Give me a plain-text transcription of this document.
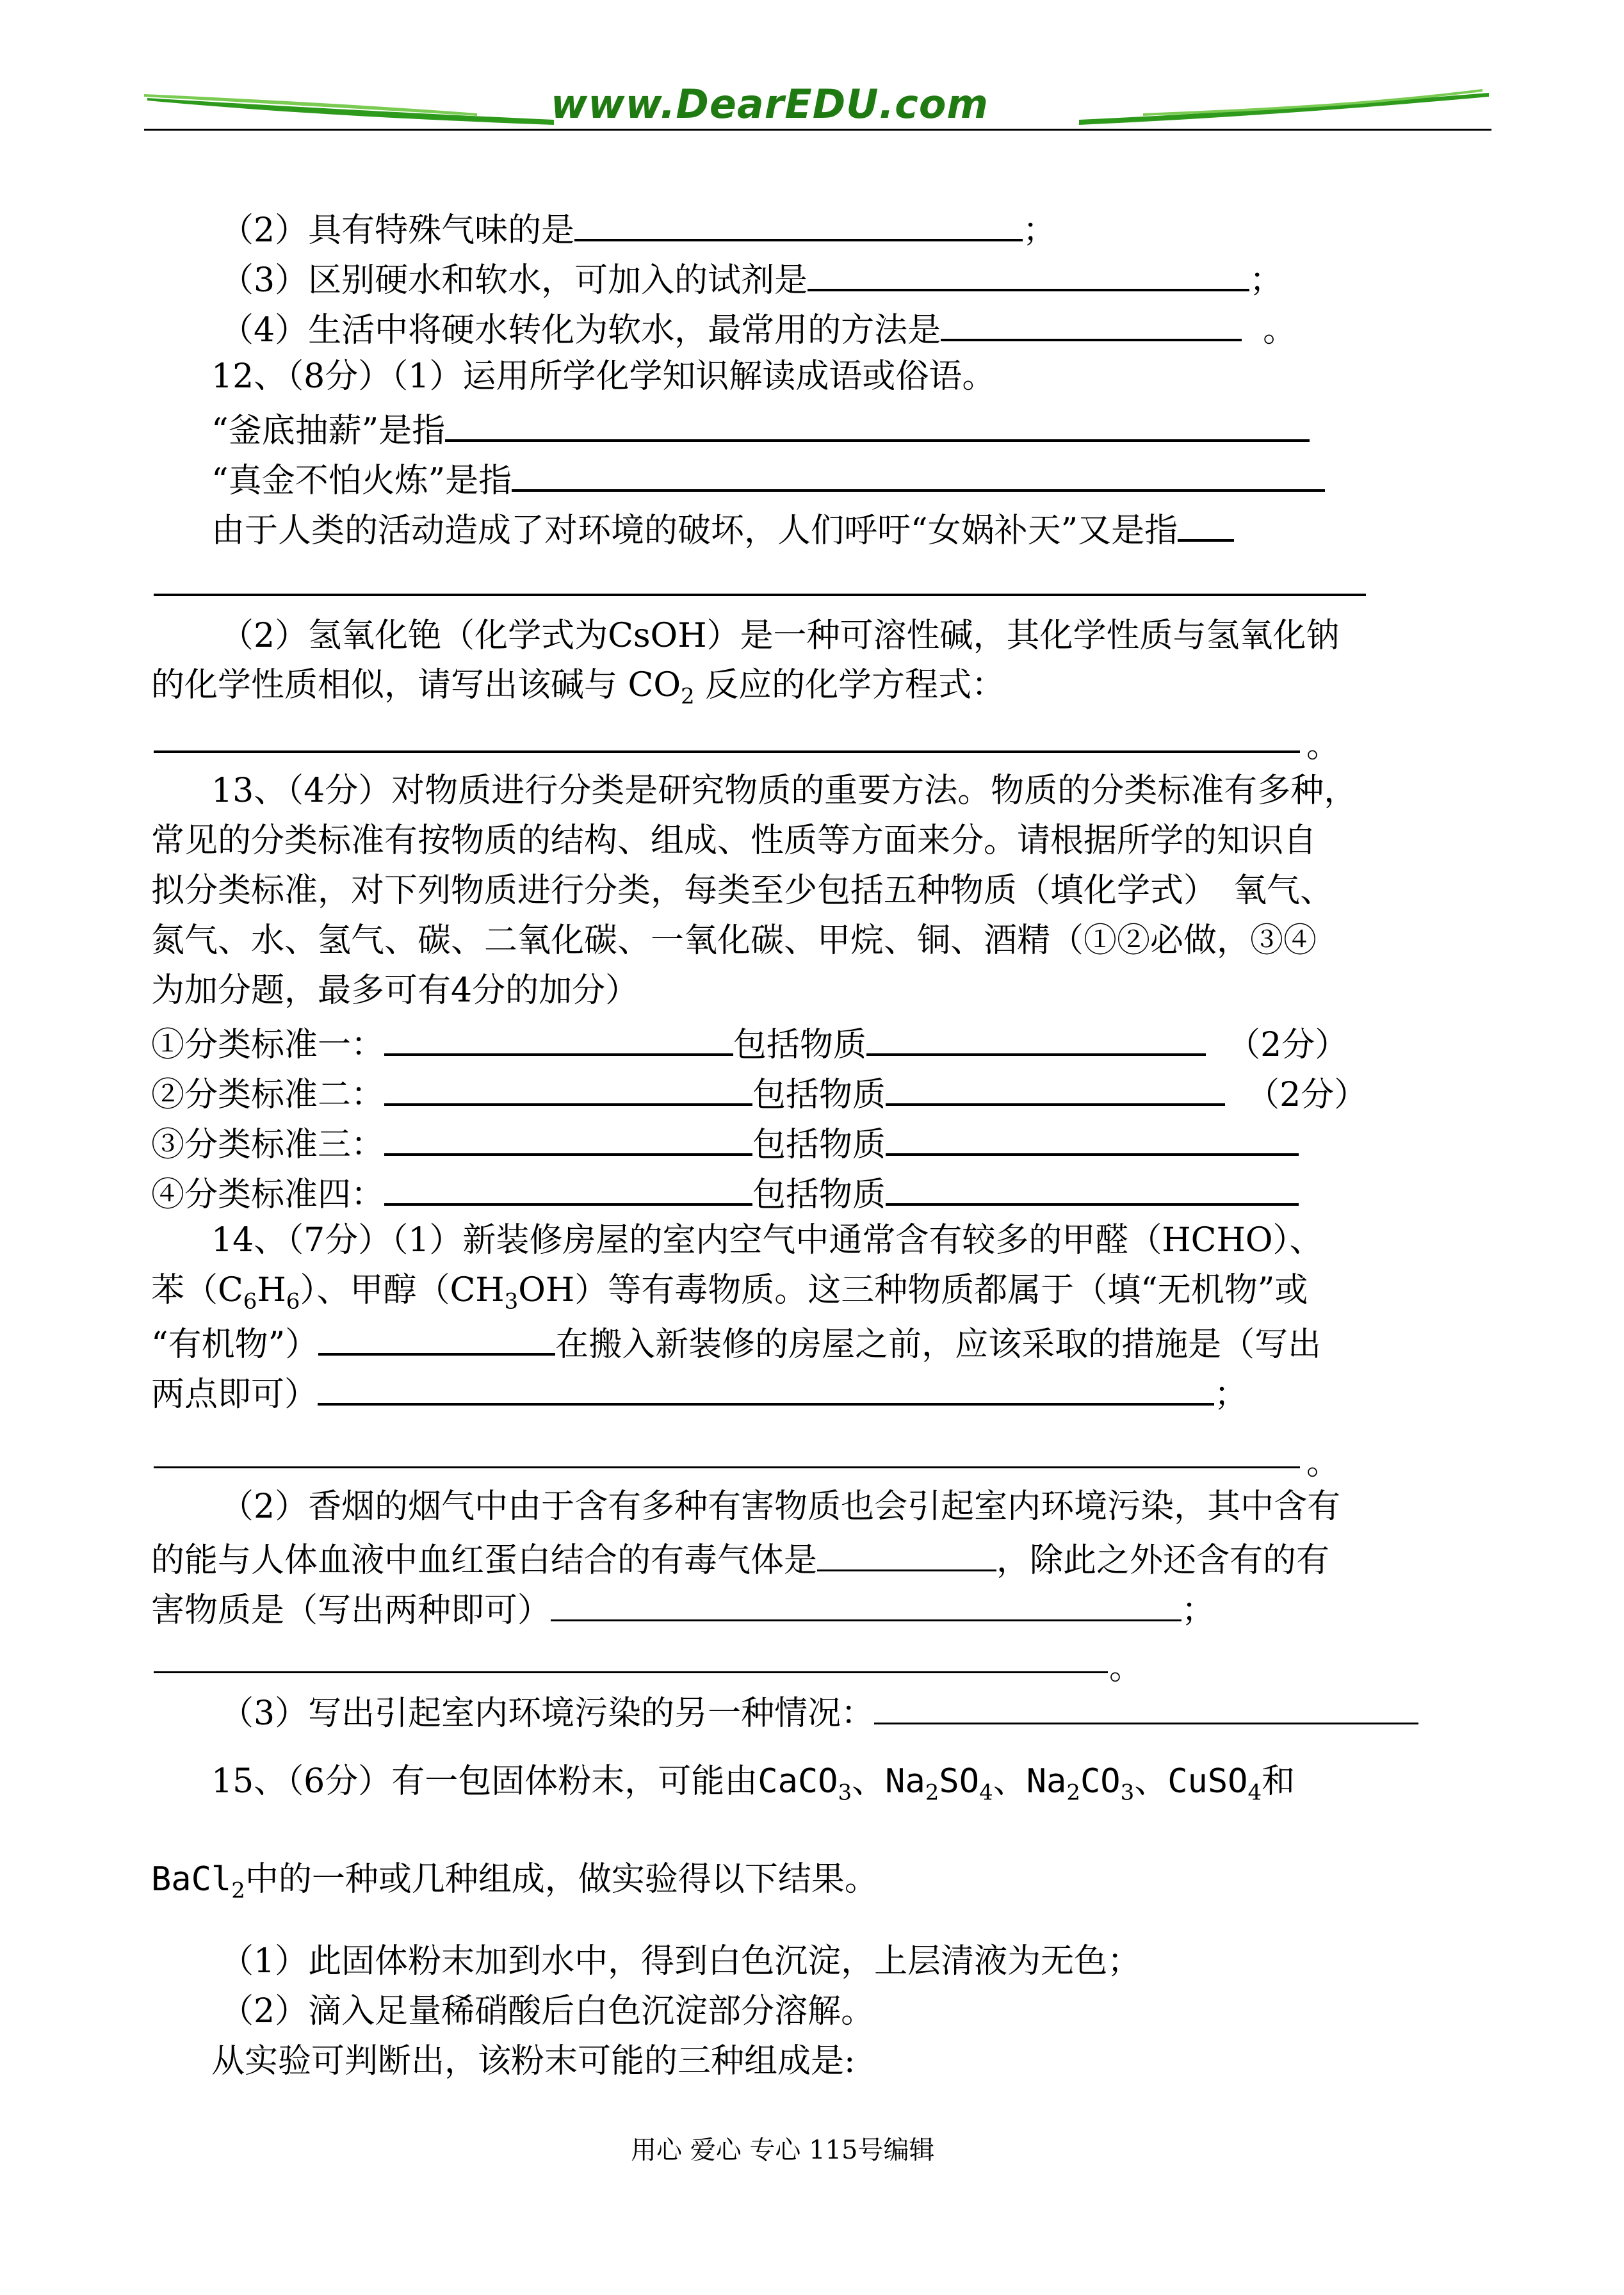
www.DearEDU.com
（2）具有特殊气味的是	；
（3）区别硬水和软水，可加入的试剂是	；
（4）生活中将硬水转化为软水，最常用的方法是	。
12、（8分）（1）运用所学化学知识解读成语或俗语。
“釜底抽薪”是指
“真金不怕火炼”是指
由于人类的活动造成了对环境的破坏，人们呼吁“女娲补天”又是指
（2）氢氧化铯（化学式为CsOH）是一种可溶性碱，其化学性质与氢氧化钠
的化学性质相似，请写出该碱与 $CO_2$ 反应的化学方程式：
。
13、（4分）对物质进行分类是研究物质的重要方法。物质的分类标准有多种，
常见的分类标准有按物质的结构、组成、性质等方面来分。请根据所学的知识自
拟分类标准，对下列物质进行分类，每类至少包括五种物质（填化学式）　氧气、
氮气、水、氢气、碳、二氧化碳、一氧化碳、甲烷、铜、酒精（①②必做，③④
为加分题，最多可有4分的加分）
①分类标准一：	包括物质	（2分）
②分类标准二：	包括物质	（2分）
③分类标准三：	包括物质
④分类标准四：	包括物质
14、（7分）（1）新装修房屋的室内空气中通常含有较多的甲醛（HCHO）、
苯$(C_6H_6)$、甲醇$(CH_3OH)$等有毒物质。这三种物质都属于（填“无机物”或
“有机物”）	在搬入新装修的房屋之前，应该采取的措施是（写出
两点即可）	；
。
（2）香烟的烟气中由于含有多种有害物质也会引起室内环境污染，其中含有
的能与人体血液中血红蛋白结合的有毒气体是	，除此之外还含有的有
害物质是（写出两种即可）	；
。
（3）写出引起室内环境污染的另一种情况：
15、（6分）有一包固体粉末，可能由CaCO$_3$、$Na_2SO_4$、$Na_2CO_3$、CuSO$_4$和
BaCl$_2$中的一种或几种组成，做实验得以下结果。
（1）此固体粉末加到水中，得到白色沉淀，上层清液为无色；
（2）滴入足量稀硝酸后白色沉淀部分溶解。
从实验可判断出，该粉末可能的三种组成是:
用心 爱心 专心 115号编辑
